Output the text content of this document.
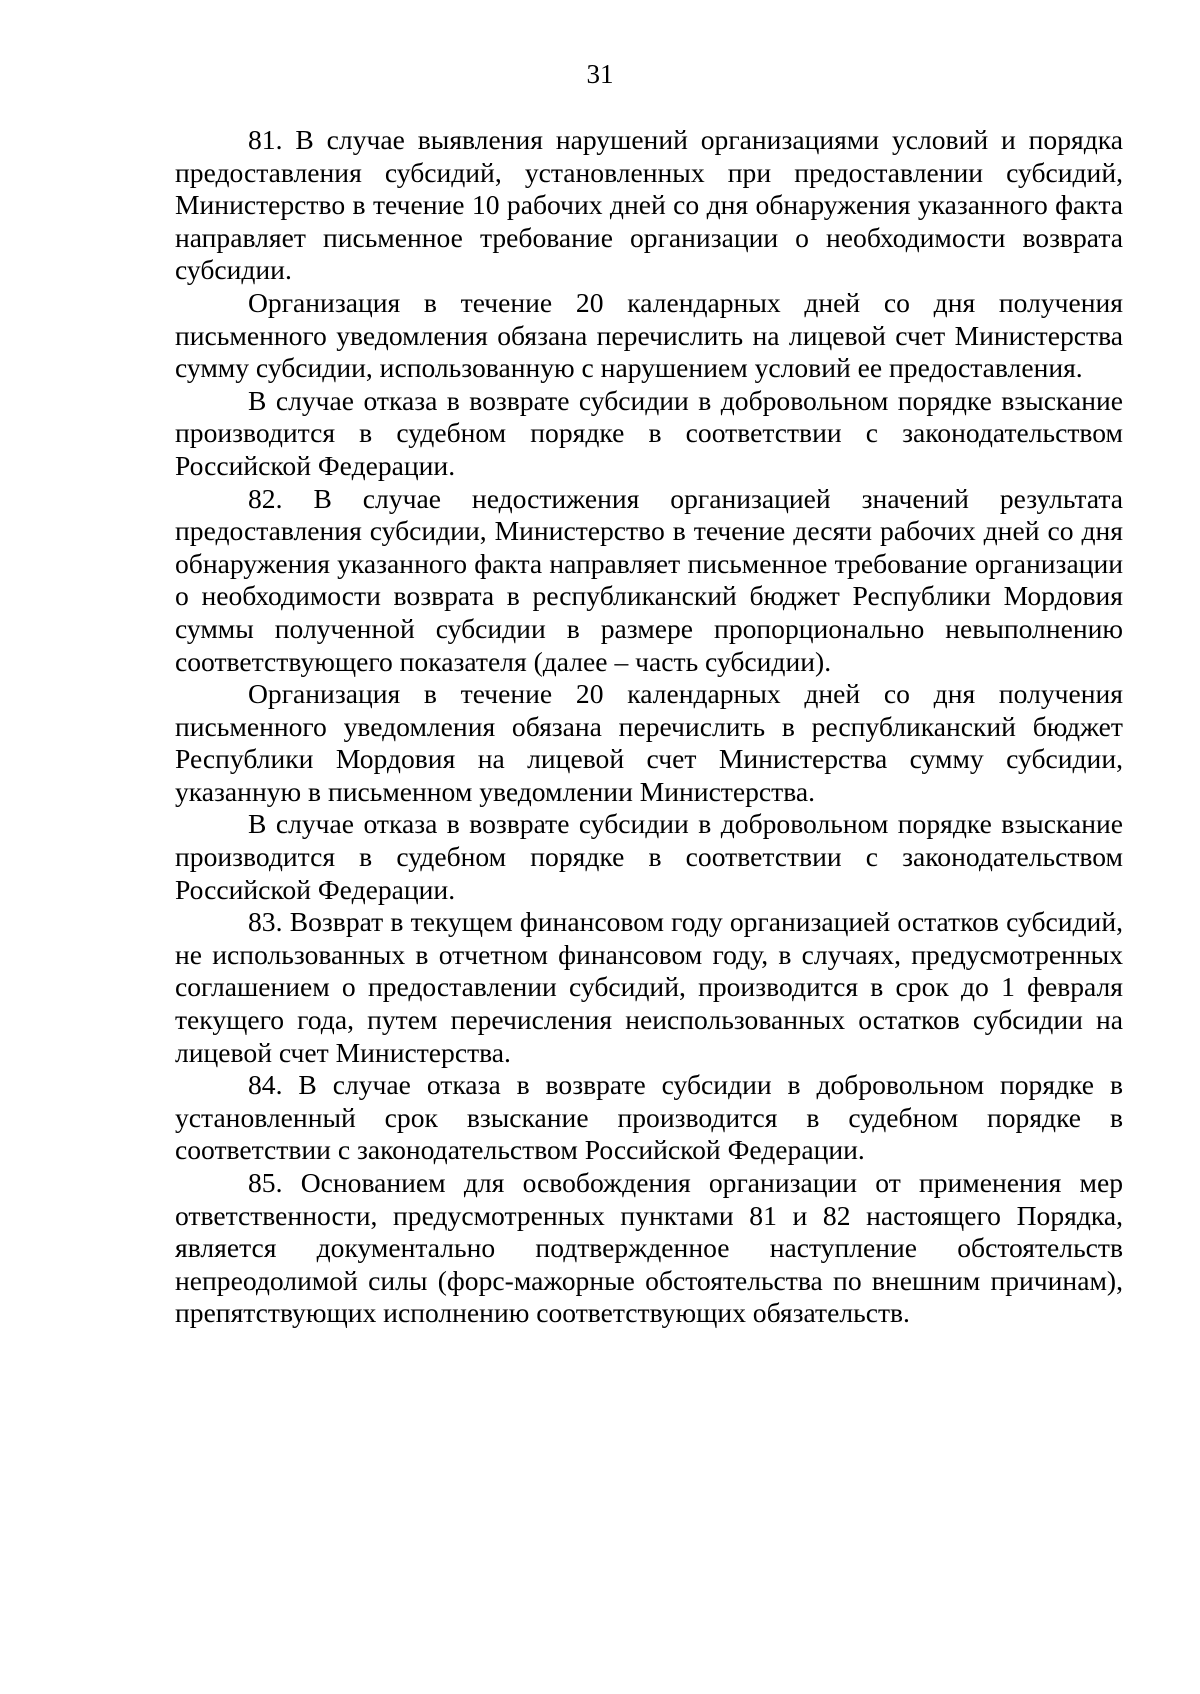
31

81. В случае выявления нарушений организациями условий и порядка предоставления субсидий, установленных при предоставлении субсидий, Министерство в течение 10 рабочих дней со дня обнаружения указанного факта направляет письменное требование организации о необходимости возврата субсидии.

Организация в течение 20 календарных дней со дня получения письменного уведомления обязана перечислить на лицевой счет Министерства сумму субсидии, использованную с нарушением условий ее предоставления.

В случае отказа в возврате субсидии в добровольном порядке взыскание производится в судебном порядке в соответствии с законодательством Российской Федерации.

82. В случае недостижения организацией значений результата предоставления субсидии, Министерство в течение десяти рабочих дней со дня обнаружения указанного факта направляет письменное требование организации о необходимости возврата в республиканский бюджет Республики Мордовия суммы полученной субсидии в размере пропорционально невыполнению соответствующего показателя (далее – часть субсидии).

Организация в течение 20 календарных дней со дня получения письменного уведомления обязана перечислить в республиканский бюджет Республики Мордовия на лицевой счет Министерства сумму субсидии, указанную в письменном уведомлении Министерства.

В случае отказа в возврате субсидии в добровольном порядке взыскание производится в судебном порядке в соответствии с законодательством Российской Федерации.

83. Возврат в текущем финансовом году организацией остатков субсидий, не использованных в отчетном финансовом году, в случаях, предусмотренных соглашением о предоставлении субсидий, производится в срок до 1 февраля текущего года, путем перечисления неиспользованных остатков субсидии на лицевой счет Министерства.

84. В случае отказа в возврате субсидии в добровольном порядке в установленный срок взыскание производится в судебном порядке в соответствии с законодательством Российской Федерации.

85. Основанием для освобождения организации от применения мер ответственности, предусмотренных пунктами 81 и 82 настоящего Порядка, является документально подтвержденное наступление обстоятельств непреодолимой силы (форс-мажорные обстоятельства по внешним причинам), препятствующих исполнению соответствующих обязательств.
